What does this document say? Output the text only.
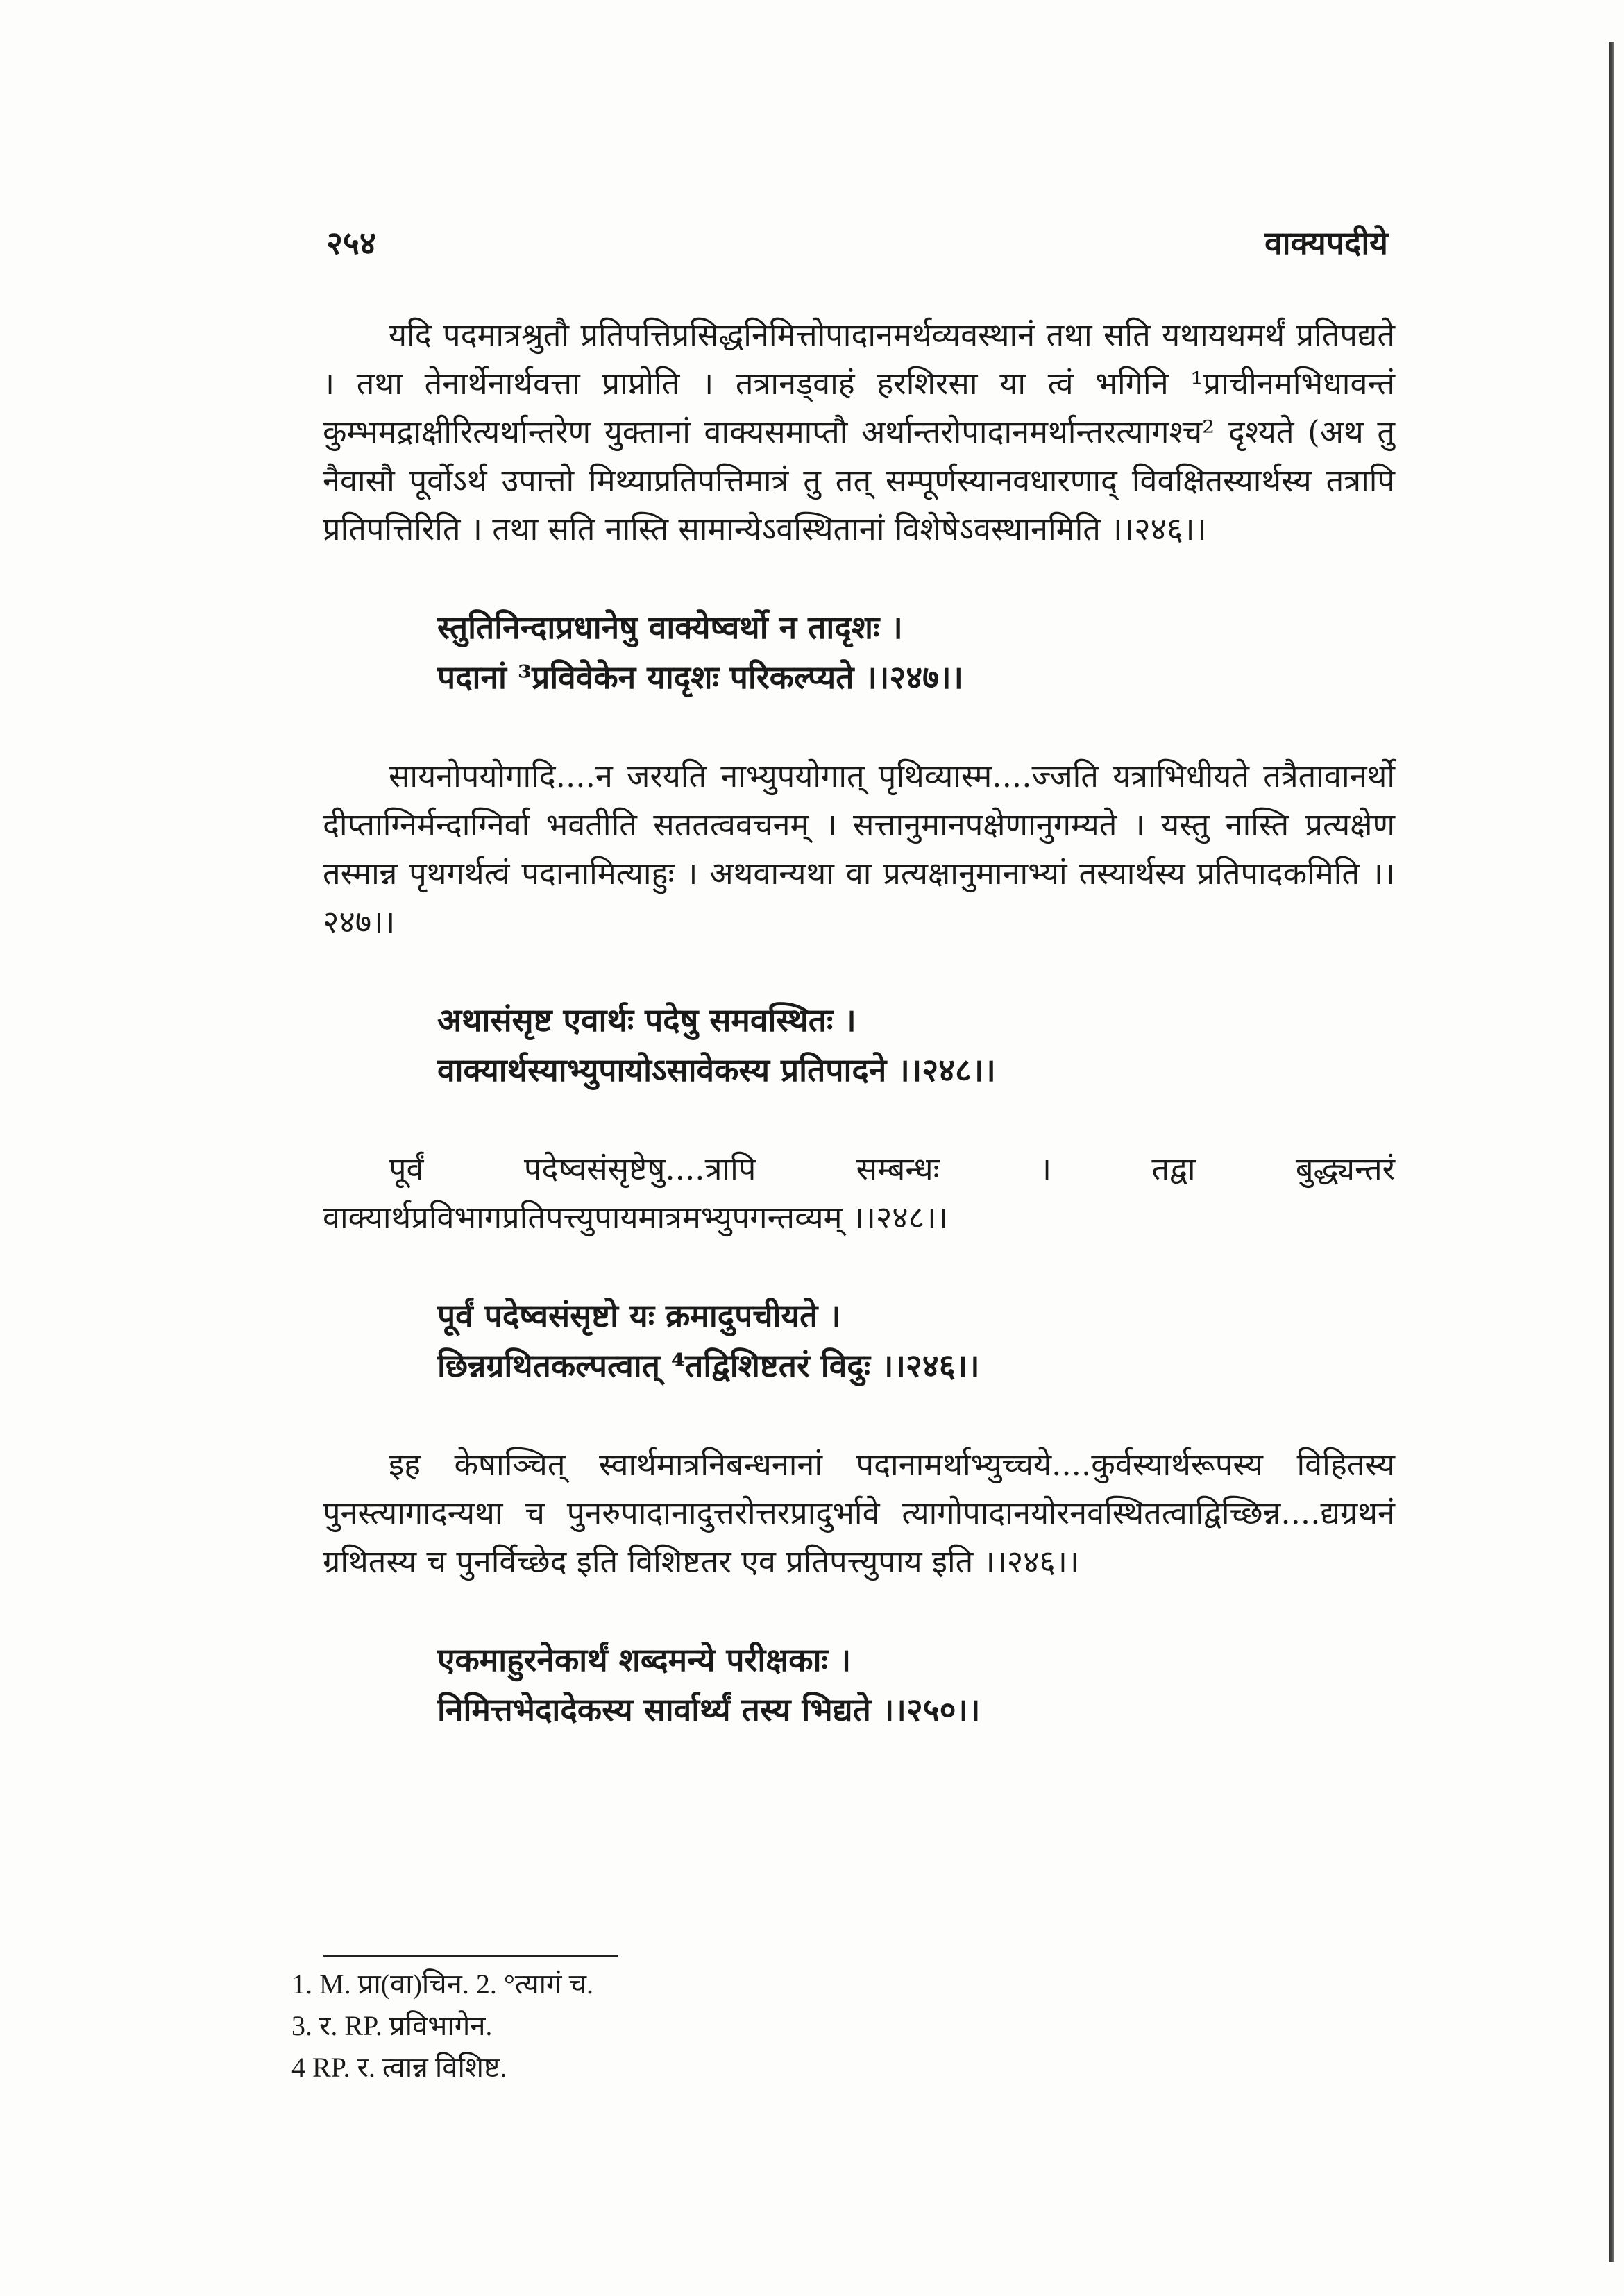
२५४	वाक्यपदीये

यदि पदमात्रश्रुतौ प्रतिपत्तिप्रसिद्धनिमित्तोपादानमर्थव्यवस्थानं तथा सति यथायथमर्थं प्रतिपद्यते । तथा तेनार्थेनार्थवत्ता प्राप्नोति । तत्रानड्वाहं हरशिरसा या त्वं भगिनि ¹प्राचीनमभिधावन्तं कुम्भमद्राक्षीरित्यर्थान्तरेण युक्तानां वाक्यसमाप्तौ अर्थान्तरोपादानमर्थान्तरत्यागश्च² दृश्यते (अथ तु नैवासौ पूर्वोऽर्थ उपात्तो मिथ्याप्रतिपत्तिमात्रं तु तत् सम्पूर्णस्यानवधारणाद् विवक्षितस्यार्थस्य तत्रापि प्रतिपत्तिरिति । तथा सति नास्ति सामान्येऽवस्थितानां विशेषेऽवस्थानमिति ।।२४६।।

स्तुतिनिन्दाप्रधानेषु वाक्येष्वर्थो न तादृशः ।
पदानां ³प्रविवेकेन यादृशः परिकल्प्यते ।।२४७।।

सायनोपयोगादि....न जरयति नाभ्युपयोगात् पृथिव्यास्म....ज्जति यत्राभिधीयते तत्रैतावानर्थो दीप्ताग्निर्मन्दाग्निर्वा भवतीति सततत्ववचनम् । सत्तानुमानपक्षेणानुगम्यते । यस्तु नास्ति प्रत्यक्षेण तस्मान्न पृथगर्थत्वं पदानामित्याहुः । अथवान्यथा वा प्रत्यक्षानुमानाभ्यां तस्यार्थस्य प्रतिपादकमिति ।।२४७।।

अथासंसृष्ट एवार्थः पदेषु समवस्थितः ।
वाक्यार्थस्याभ्युपायोऽसावेकस्य प्रतिपादने ।।२४८।।

पूर्वं पदेष्वसंसृष्टेषु....त्रापि सम्बन्धः । तद्वा बुद्ध्यन्तरं वाक्यार्थप्रविभागप्रतिपत्त्युपायमात्रमभ्युपगन्तव्यम् ।।२४८।।

पूर्वं पदेष्वसंसृष्टो यः क्रमादुपचीयते ।
छिन्नग्रथितकल्पत्वात् ⁴तद्विशिष्टतरं विदुः ।।२४६।।

इह केषाञ्चित् स्वार्थमात्रनिबन्धनानां पदानामर्थाभ्युच्चये....कुर्वस्यार्थरूपस्य विहितस्य पुनस्त्यागादन्यथा च पुनरुपादानादुत्तरोत्तरप्रादुर्भावे त्यागोपादानयोरनवस्थितत्वाद्विच्छिन्न....द्यग्रथनं ग्रथितस्य च पुनर्विच्छेद इति विशिष्टतर एव प्रतिपत्त्युपाय इति ।।२४६।।

एकमाहुरनेकार्थं शब्दमन्ये परीक्षकाः ।
निमित्तभेदादेकस्य सार्वार्थ्यं तस्य भिद्यते ।।२५०।।
1. M. प्रा(वा)चिन. 2. °त्यागं च.
3. र. RP. प्रविभागेन.
4 RP. र. त्वान्न विशिष्ट.
